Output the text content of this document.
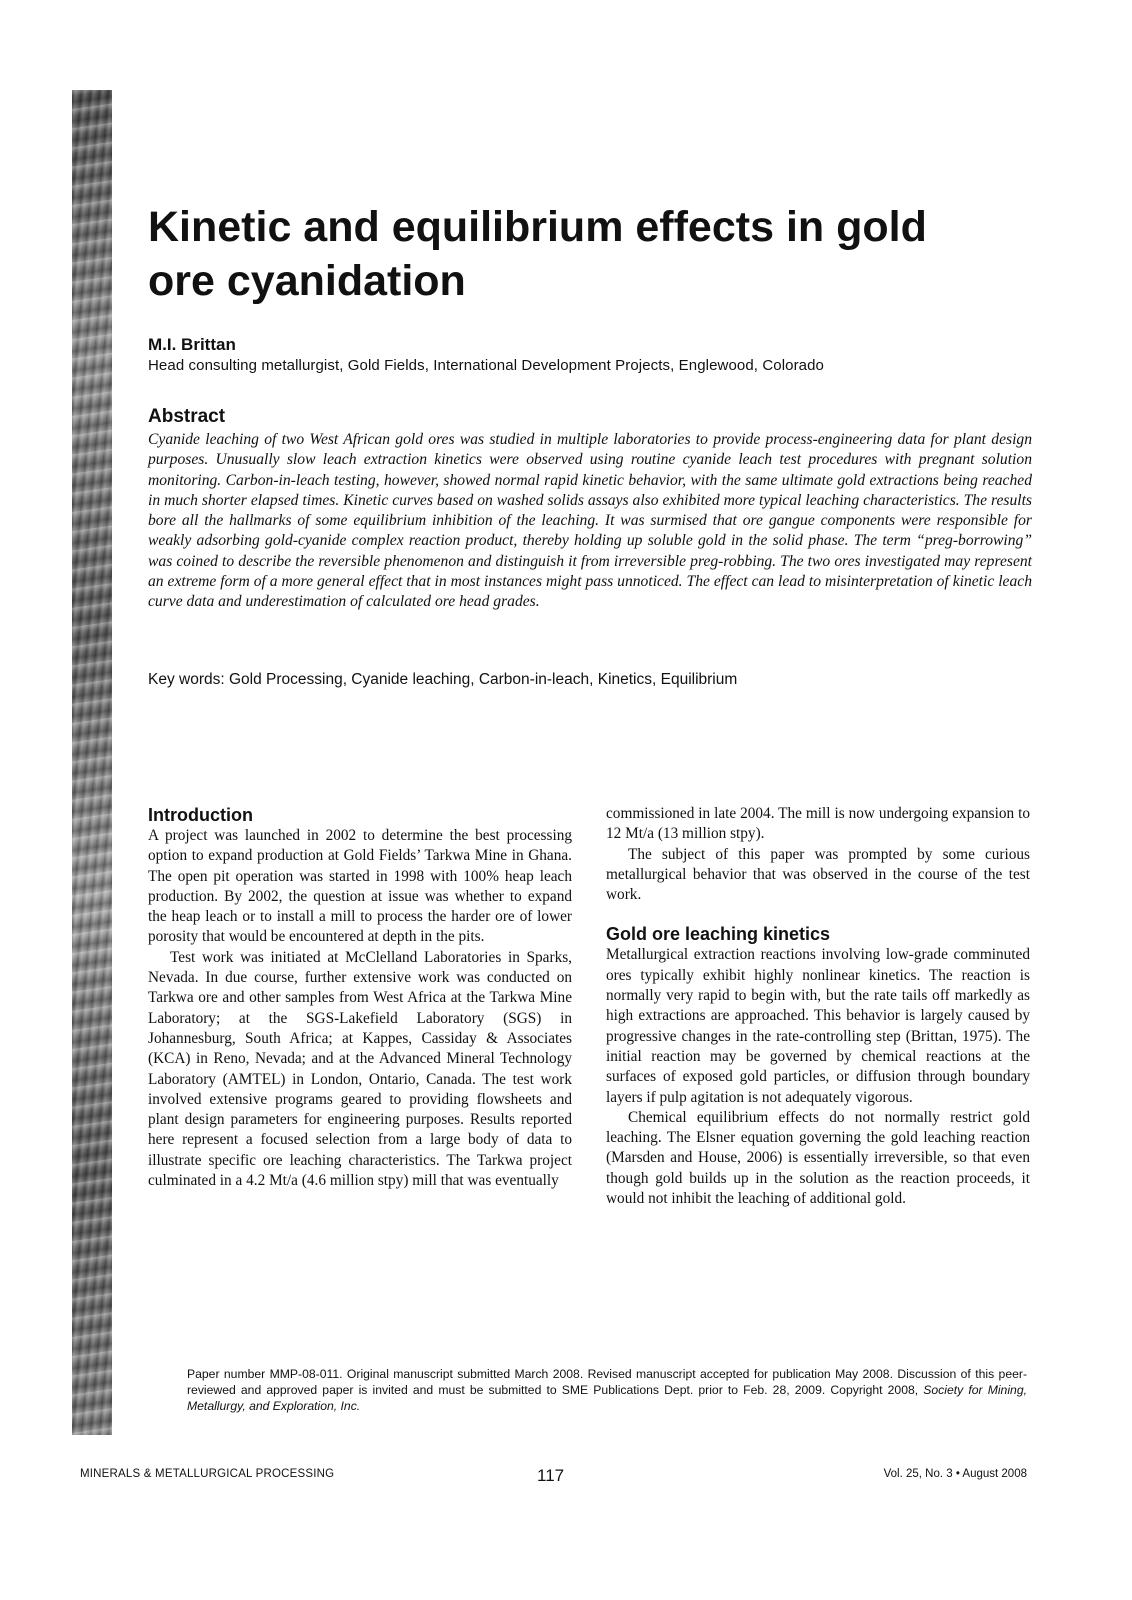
Kinetic and equilibrium effects in gold ore cyanidation

M.I. Brittan

Head consulting metallurgist, Gold Fields, International Development Projects, Englewood, Colorado

Abstract

Cyanide leaching of two West African gold ores was studied in multiple laboratories to provide process-engineering data for plant design purposes. Unusually slow leach extraction kinetics were observed using routine cyanide leach test procedures with pregnant solution monitoring. Carbon-in-leach testing, however, showed normal rapid kinetic behavior, with the same ultimate gold extractions being reached in much shorter elapsed times. Kinetic curves based on washed solids assays also exhibited more typical leaching characteristics. The results bore all the hallmarks of some equilibrium inhibition of the leaching. It was surmised that ore gangue components were responsible for weakly adsorbing gold-cyanide complex reaction product, thereby holding up soluble gold in the solid phase. The term “preg-borrowing” was coined to describe the reversible phenomenon and distinguish it from irreversible preg-robbing. The two ores investigated may represent an extreme form of a more general effect that in most instances might pass unnoticed. The effect can lead to misinterpretation of kinetic leach curve data and underestimation of calculated ore head grades.

Key words: Gold Processing, Cyanide leaching, Carbon-in-leach, Kinetics, Equilibrium

Introduction

A project was launched in 2002 to determine the best processing option to expand production at Gold Fields’ Tarkwa Mine in Ghana. The open pit operation was started in 1998 with 100% heap leach production. By 2002, the question at issue was whether to expand the heap leach or to install a mill to process the harder ore of lower porosity that would be encountered at depth in the pits.

Test work was initiated at McClelland Laboratories in Sparks, Nevada. In due course, further extensive work was conducted on Tarkwa ore and other samples from West Africa at the Tarkwa Mine Laboratory; at the SGS-Lakefield Laboratory (SGS) in Johannesburg, South Africa; at Kappes, Cassiday & Associates (KCA) in Reno, Nevada; and at the Advanced Mineral Technology Laboratory (AMTEL) in London, Ontario, Canada. The test work involved extensive programs geared to providing flowsheets and plant design parameters for engineering purposes. Results reported here represent a focused selection from a large body of data to illustrate specific ore leaching characteristics. The Tarkwa project culminated in a 4.2 Mt/a (4.6 million stpy) mill that was eventually

commissioned in late 2004. The mill is now undergoing expansion to 12 Mt/a (13 million stpy).

The subject of this paper was prompted by some curious metallurgical behavior that was observed in the course of the test work.

Gold ore leaching kinetics

Metallurgical extraction reactions involving low-grade comminuted ores typically exhibit highly nonlinear kinetics. The reaction is normally very rapid to begin with, but the rate tails off markedly as high extractions are approached. This behavior is largely caused by progressive changes in the rate-controlling step (Brittan, 1975). The initial reaction may be governed by chemical reactions at the surfaces of exposed gold particles, or diffusion through boundary layers if pulp agitation is not adequately vigorous.

Chemical equilibrium effects do not normally restrict gold leaching. The Elsner equation governing the gold leaching reaction (Marsden and House, 2006) is essentially irreversible, so that even though gold builds up in the solution as the reaction proceeds, it would not inhibit the leaching of additional gold.

Paper number MMP-08-011. Original manuscript submitted March 2008. Revised manuscript accepted for publication May 2008. Discussion of this peer-reviewed and approved paper is invited and must be submitted to SME Publications Dept. prior to Feb. 28, 2009. Copyright 2008, Society for Mining, Metallurgy, and Exploration, Inc.

MINERALS & METALLURGICAL PROCESSING	117	Vol. 25, No. 3 • August 2008
